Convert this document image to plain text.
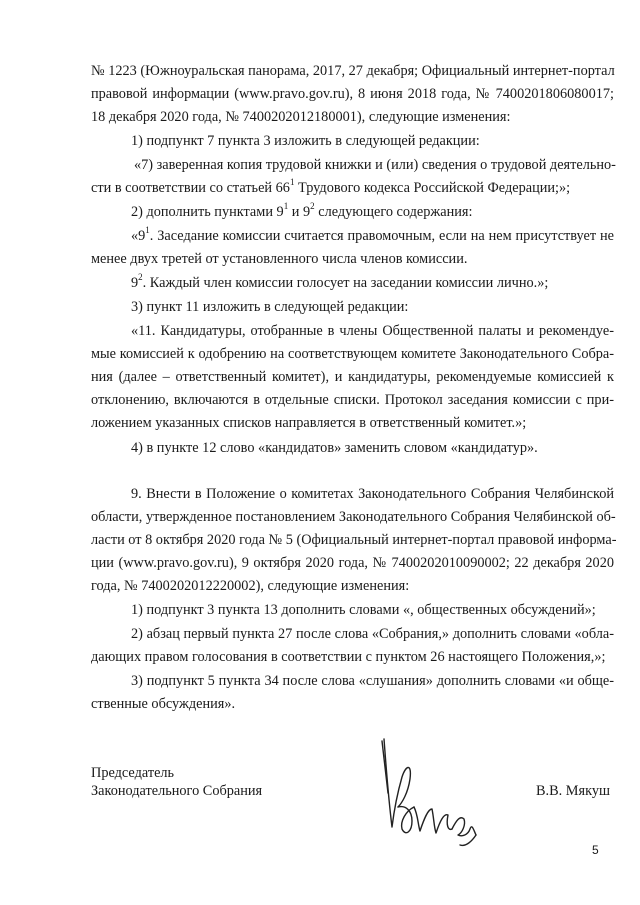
№ 1223 (Южноуральская панорама, 2017, 27 декабря; Официальный интернет-портал

правовой информации (www.pravo.gov.ru), 8 июня 2018 года, № 7400201806080017;

18 декабря 2020 года, № 7400202012180001), следующие изменения:

1) подпункт 7 пункта 3 изложить в следующей редакции:

«7) заверенная копия трудовой книжки и (или) сведения о трудовой деятельно-

сти в соответствии со статьей $66^1$ Трудового кодекса Российской Федерации;»;

2) дополнить пунктами $9^1$ и $9^2$ следующего содержания:

«$9^1$. Заседание комиссии считается правомочным, если на нем присутствует не

менее двух третей от установленного числа членов комиссии.

$9^2$. Каждый член комиссии голосует на заседании комиссии лично.»;

3) пункт 11 изложить в следующей редакции:

«11. Кандидатуры, отобранные в члены Общественной палаты и рекомендуе-

мые комиссией к одобрению на соответствующем комитете Законодательного Собра-

ния (далее – ответственный комитет), и кандидатуры, рекомендуемые комиссией к

отклонению, включаются в отдельные списки. Протокол заседания комиссии с при-

ложением указанных списков направляется в ответственный комитет.»;

4) в пункте 12 слово «кандидатов» заменить словом «кандидатур».

9. Внести в Положение о комитетах Законодательного Собрания Челябинской

области, утвержденное постановлением Законодательного Собрания Челябинской об-

ласти от 8 октября 2020 года № 5 (Официальный интернет-портал правовой информа-

ции (www.pravo.gov.ru), 9 октября 2020 года, № 7400202010090002; 22 декабря 2020

года, № 7400202012220002), следующие изменения:

1) подпункт 3 пункта 13 дополнить словами «, общественных обсуждений»;

2) абзац первый пункта 27 после слова «Собрания,» дополнить словами «обла-

дающих правом голосования в соответствии с пунктом 26 настоящего Положения,»;

3) подпункт 5 пункта 34 после слова «слушания» дополнить словами «и обще-

ственные обсуждения».

Председатель

Законодательного Собрания	В.В. Мякуш

5
